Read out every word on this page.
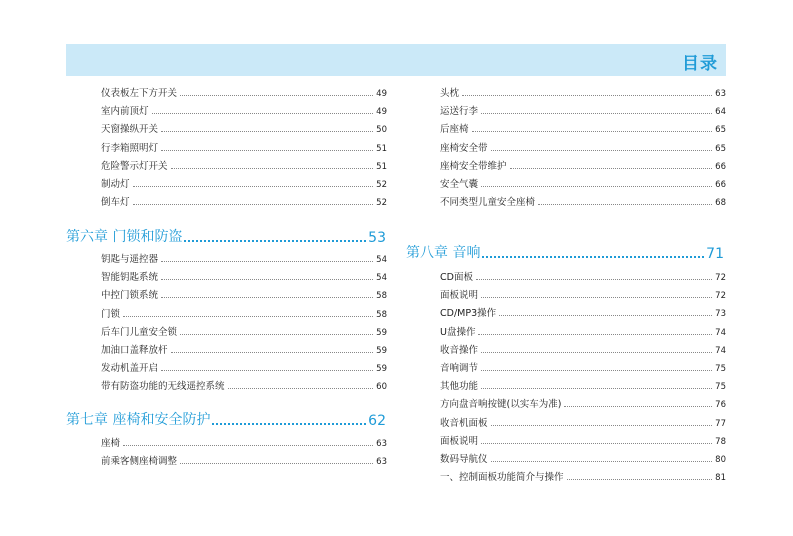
目录
仪表板左下方开关	49
室内前顶灯	49
天窗操纵开关	50
行李箱照明灯	51
危险警示灯开关	51
制动灯	52
倒车灯	52
第六章 门锁和防盗	53
钥匙与遥控器	54
智能钥匙系统	54
中控门锁系统	58
门锁	58
后车门儿童安全锁	59
加油口盖释放杆	59
发动机盖开启	59
带有防盗功能的无线遥控系统	60
第七章 座椅和安全防护	62
座椅	63
前乘客侧座椅调整	63
头枕	63
运送行李	64
后座椅	65
座椅安全带	65
座椅安全带维护	66
安全气囊	66
不同类型儿童安全座椅	68
第八章 音响	71
CD面板	72
面板说明	72
CD/MP3操作	73
U盘操作	74
收音操作	74
音响调节	75
其他功能	75
方向盘音响按键(以实车为准)	76
收音机面板	77
面板说明	78
数码导航仪	80
一、控制面板功能简介与操作	81
